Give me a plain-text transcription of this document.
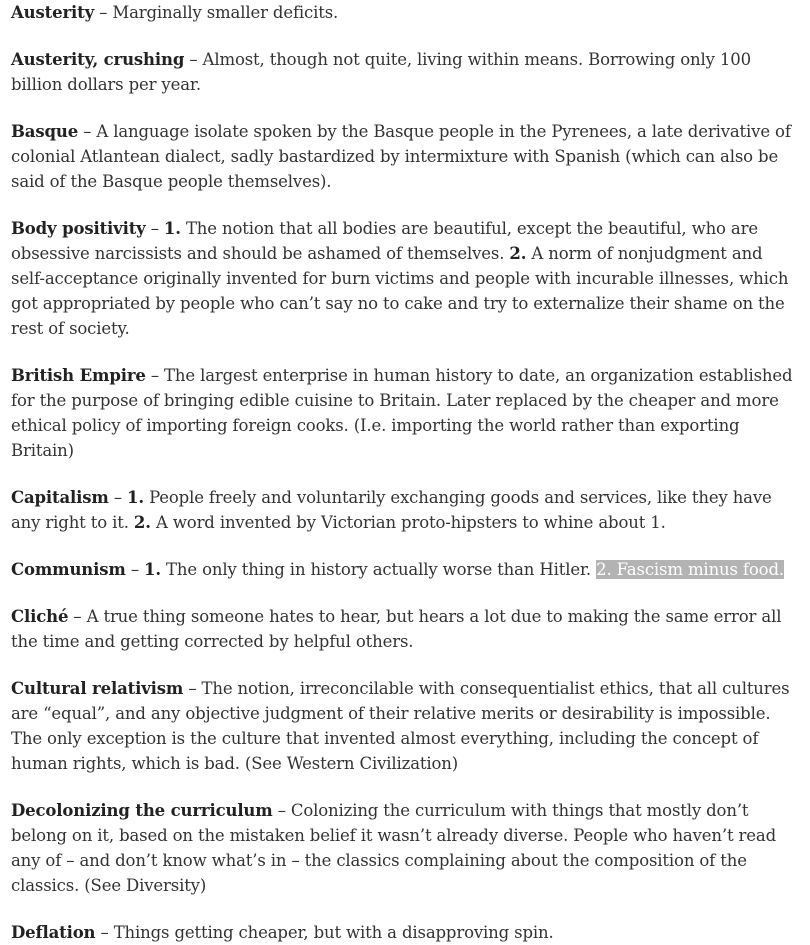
Austerity – Marginally smaller deficits.

Austerity, crushing – Almost, though not quite, living within means. Borrowing only 100 billion dollars per year.

Basque – A language isolate spoken by the Basque people in the Pyrenees, a late derivative of colonial Atlantean dialect, sadly bastardized by intermixture with Spanish (which can also be said of the Basque people themselves).

Body positivity – 1. The notion that all bodies are beautiful, except the beautiful, who are obsessive narcissists and should be ashamed of themselves. 2. A norm of nonjudgment and self-acceptance originally invented for burn victims and people with incurable illnesses, which got appropriated by people who can’t say no to cake and try to externalize their shame on the rest of society.

British Empire – The largest enterprise in human history to date, an organization established for the purpose of bringing edible cuisine to Britain. Later replaced by the cheaper and more ethical policy of importing foreign cooks. (I.e. importing the world rather than exporting Britain)

Capitalism – 1. People freely and voluntarily exchanging goods and services, like they have any right to it. 2. A word invented by Victorian proto-hipsters to whine about 1.

Communism – 1. The only thing in history actually worse than Hitler. 2. Fascism minus food.

Cliché – A true thing someone hates to hear, but hears a lot due to making the same error all the time and getting corrected by helpful others.

Cultural relativism – The notion, irreconcilable with consequentialist ethics, that all cultures are “equal”, and any objective judgment of their relative merits or desirability is impossible. The only exception is the culture that invented almost everything, including the concept of human rights, which is bad. (See Western Civilization)

Decolonizing the curriculum – Colonizing the curriculum with things that mostly don’t belong on it, based on the mistaken belief it wasn’t already diverse. People who haven’t read any of – and don’t know what’s in – the classics complaining about the composition of the classics. (See Diversity)

Deflation – Things getting cheaper, but with a disapproving spin.
